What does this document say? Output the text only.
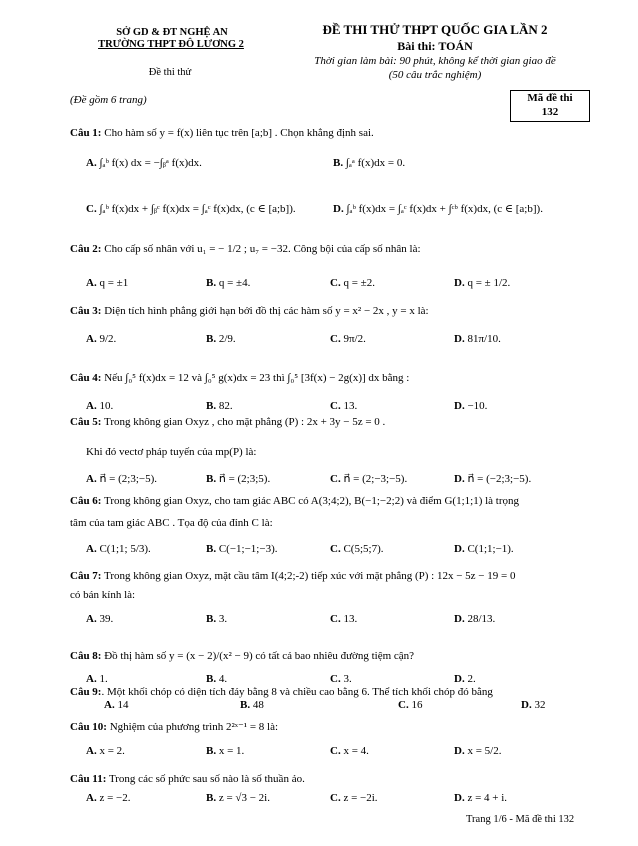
SỞ GD & ĐT NGHỆ AN
TRƯỜNG THPT ĐÔ LƯƠNG 2
Đề thi thử
(Đề gồm 6 trang)
ĐỀ THI THỬ THPT QUỐC GIA LẦN 2
Bài thi: TOÁN
Thời gian làm bài: 90 phút, không kể thời gian giao đề
(50 câu trắc nghiệm)
Mã đề thi
132
Câu 1: Cho hàm số y = f(x) liên tục trên [a;b] . Chọn khẳng định sai.
A. ∫ₐᵇ f(x) dx = −∫ᵦᵃ f(x)dx.	B. ∫ₐᵃ f(x)dx = 0.
C. ∫ₐᵇ f(x)dx + ∫ᵦᶜ f(x)dx = ∫ₐᶜ f(x)dx, (c ∈ [a;b]).	D. ∫ₐᵇ f(x)dx = ∫ₐᶜ f(x)dx + ∫ᶜᵇ f(x)dx, (c ∈ [a;b]).
Câu 2: Cho cấp số nhân với u₁ = − 1/2 ; u₇ = −32. Công bội của cấp số nhân là:
A. q = ±1	B. q = ±4.	C. q = ±2.	D. q = ± 1/2.
Câu 3: Diện tích hình phẳng giới hạn bởi đồ thị các hàm số y = x² − 2x , y = x là:
A. 9/2.	B. 2/9.	C. 9π/2.	D. 81π/10.
Câu 4: Nếu ∫₀⁵ f(x)dx = 12 và ∫₀⁵ g(x)dx = 23 thì ∫₀⁵ [3f(x) − 2g(x)] dx bằng :
A. 10.	B. 82.	C. 13.	D. −10.
Câu 5: Trong không gian Oxyz , cho mặt phẳng (P) : 2x + 3y − 5z = 0 .
Khi đó vectơ pháp tuyến của mp(P) là:
A. n⃗ = (2;3;−5).	B. n⃗ = (2;3;5).	C. n⃗ = (2;−3;−5).	D. n⃗ = (−2;3;−5).
Câu 6: Trong không gian Oxyz, cho tam giác ABC có A(3;4;2), B(−1;−2;2) và điểm G(1;1;1) là trọng
tâm của tam giác ABC . Tọa độ của đỉnh C là:
A. C(1;1; 5/3).	B. C(−1;−1;−3).	C. C(5;5;7).	D. C(1;1;−1).
Câu 7: Trong không gian Oxyz, mặt cầu tâm I(4;2;-2) tiếp xúc với mặt phẳng (P) : 12x − 5z − 19 = 0
có bán kính là:
A. 39.	B. 3.	C. 13.	D. 28/13.
Câu 8: Đồ thị hàm số y = (x − 2)/(x² − 9) có tất cả bao nhiêu đường tiệm cận?
A. 1.	B. 4.	C. 3.	D. 2.
Câu 9:. Một khối chóp có diện tích đáy bằng 8 và chiều cao bằng 6. Thể tích khối chóp đó bằng
A. 14	B. 48	C. 16	D. 32
Câu 10: Nghiệm của phương trình 2²ˣ⁻¹ = 8 là:
A. x = 2.	B. x = 1.	C. x = 4.	D. x = 5/2.
Câu 11: Trong các số phức sau số nào là số thuần ảo.
A. z = −2.	B. z = √3 − 2i.	C. z = −2i.	D. z = 4 + i.
Trang 1/6 - Mã đề thi 132
